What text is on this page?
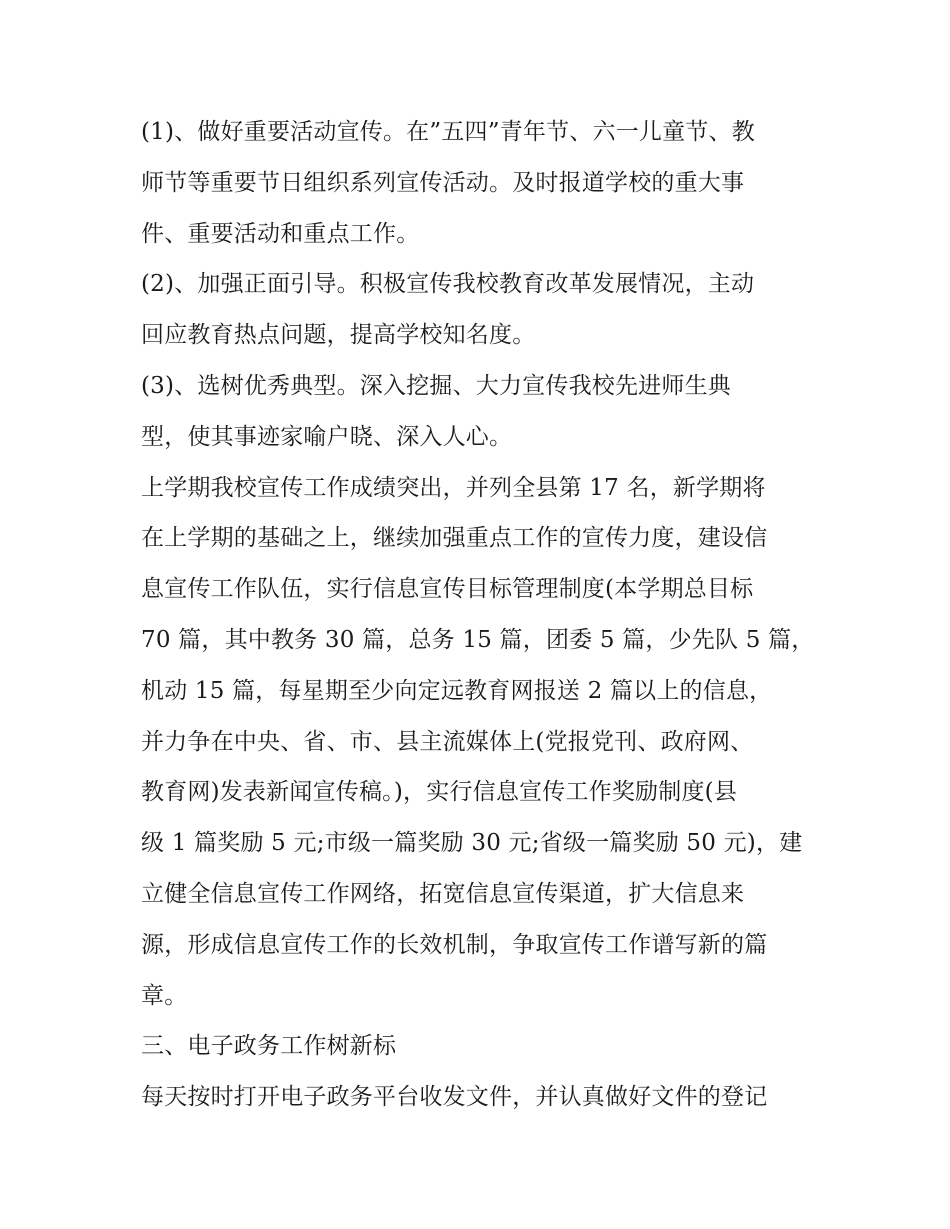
(1)、做好重要活动宣传。在”五四”青年节、六一儿童节、教
师节等重要节日组织系列宣传活动。及时报道学校的重大事
件、重要活动和重点工作。
(2)、加强正面引导。积极宣传我校教育改革发展情况，主动
回应教育热点问题，提高学校知名度。
(3)、选树优秀典型。深入挖掘、大力宣传我校先进师生典
型，使其事迹家喻户晓、深入人心。
上学期我校宣传工作成绩突出，并列全县第 17 名，新学期将
在上学期的基础之上，继续加强重点工作的宣传力度，建设信
息宣传工作队伍，实行信息宣传目标管理制度(本学期总目标
70 篇，其中教务 30 篇，总务 15 篇，团委 5 篇，少先队 5 篇，
机动 15 篇，每星期至少向定远教育网报送 2 篇以上的信息，
并力争在中央、省、市、县主流媒体上(党报党刊、政府网、
教育网)发表新闻宣传稿。)，实行信息宣传工作奖励制度(县
级 1 篇奖励 5 元;市级一篇奖励 30 元;省级一篇奖励 50 元)，建
立健全信息宣传工作网络，拓宽信息宣传渠道，扩大信息来
源，形成信息宣传工作的长效机制，争取宣传工作谱写新的篇
章。
三、电子政务工作树新标
每天按时打开电子政务平台收发文件，并认真做好文件的登记
